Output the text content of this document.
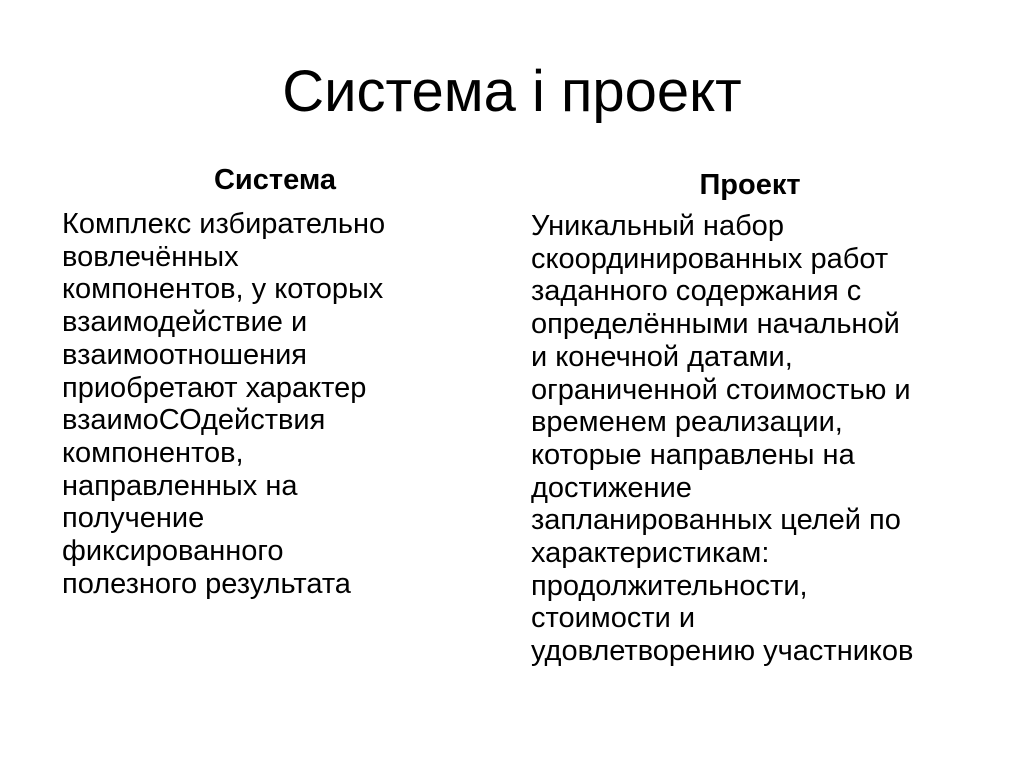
Система і проект
Система
Комплекс избирательно
вовлечённых
компонентов, у которых
взаимодействие и
взаимоотношения
приобретают характер
взаимоСОдействия
компонентов,
направленных на
получение
фиксированного
полезного результата
Проект
Уникальный набор
скоординированных работ
заданного содержания с
определёнными начальной
и конечной датами,
ограниченной стоимостью и
временем реализации,
которые направлены на
достижение
запланированных целей по
характеристикам:
продолжительности,
стоимости и
удовлетворению участников
